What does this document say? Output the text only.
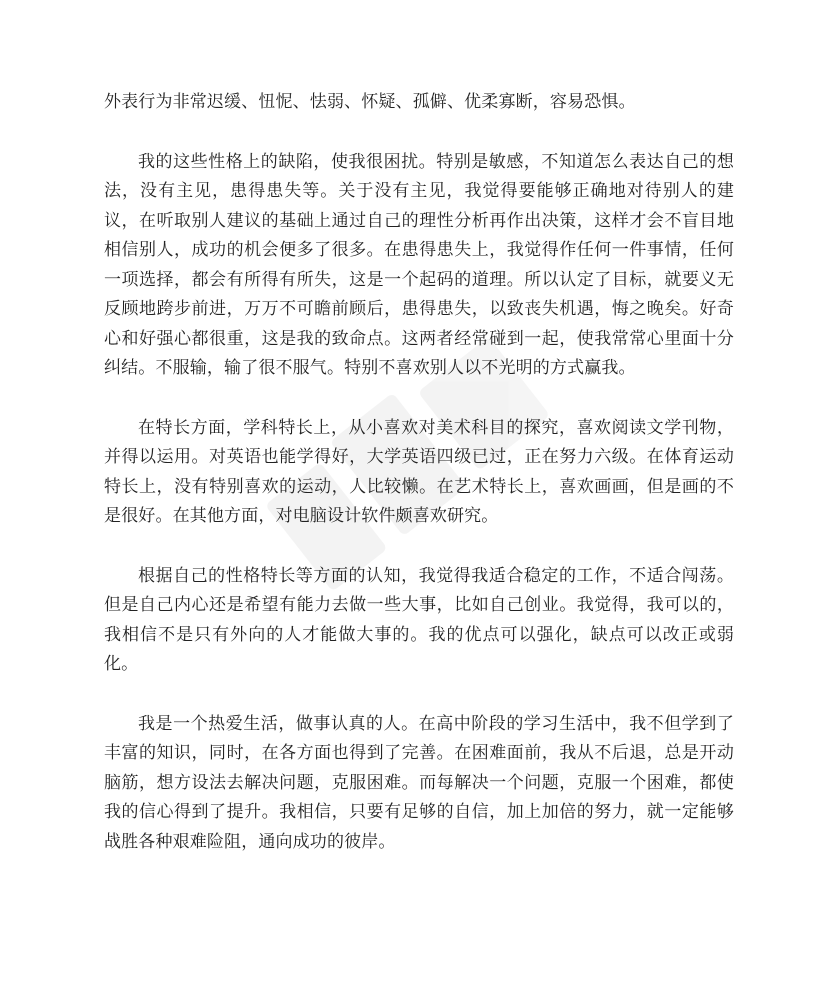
外表行为非常迟缓、忸怩、怯弱、怀疑、孤僻、优柔寡断，容易恐惧。

我的这些性格上的缺陷，使我很困扰。特别是敏感，不知道怎么表达自己的想法，没有主见，患得患失等。关于没有主见，我觉得要能够正确地对待别人的建议，在听取别人建议的基础上通过自己的理性分析再作出决策，这样才会不盲目地相信别人，成功的机会便多了很多。在患得患失上，我觉得作任何一件事情，任何一项选择，都会有所得有所失，这是一个起码的道理。所以认定了目标，就要义无反顾地跨步前进，万万不可瞻前顾后，患得患失，以致丧失机遇，悔之晚矣。好奇心和好强心都很重，这是我的致命点。这两者经常碰到一起，使我常常心里面十分纠结。不服输，输了很不服气。特别不喜欢别人以不光明的方式赢我。

在特长方面，学科特长上，从小喜欢对美术科目的探究，喜欢阅读文学刊物，并得以运用。对英语也能学得好，大学英语四级已过，正在努力六级。在体育运动特长上，没有特别喜欢的运动，人比较懒。在艺术特长上，喜欢画画，但是画的不是很好。在其他方面，对电脑设计软件颇喜欢研究。

根据自己的性格特长等方面的认知，我觉得我适合稳定的工作，不适合闯荡。但是自己内心还是希望有能力去做一些大事，比如自己创业。我觉得，我可以的，我相信不是只有外向的人才能做大事的。我的优点可以强化，缺点可以改正或弱化。

我是一个热爱生活，做事认真的人。在高中阶段的学习生活中，我不但学到了丰富的知识，同时，在各方面也得到了完善。在困难面前，我从不后退，总是开动脑筋，想方设法去解决问题，克服困难。而每解决一个问题，克服一个困难，都使我的信心得到了提升。我相信，只要有足够的自信，加上加倍的努力，就一定能够战胜各种艰难险阻，通向成功的彼岸。
